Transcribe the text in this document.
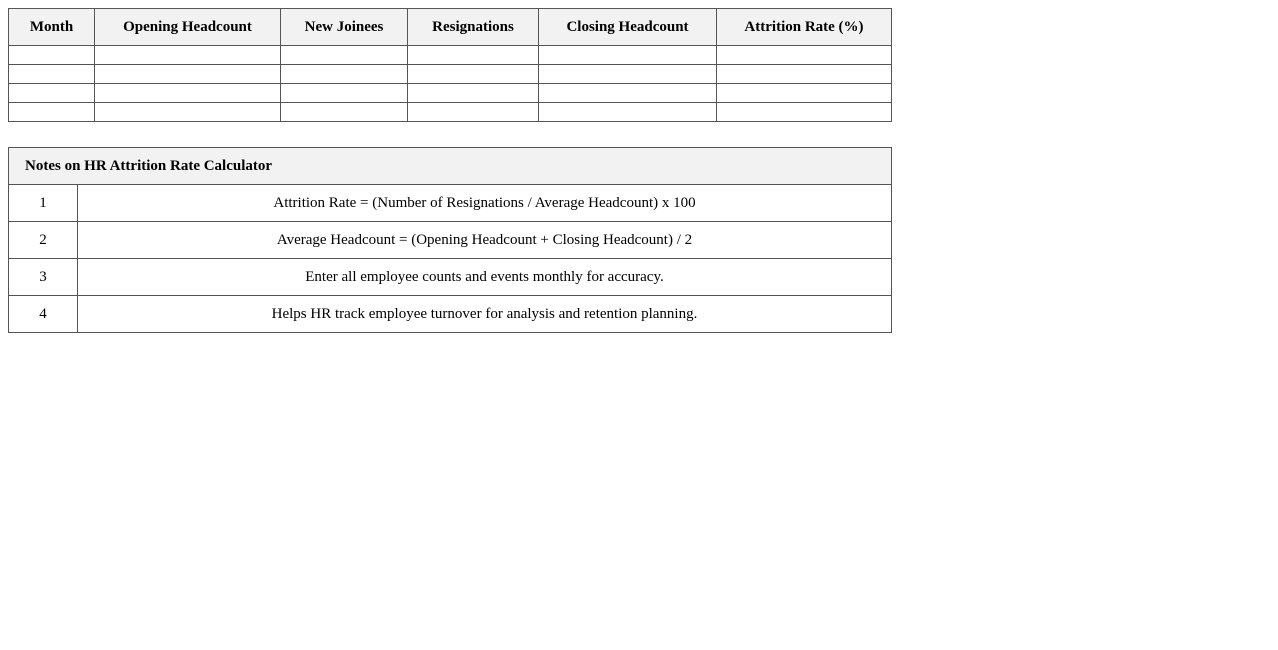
Month	Opening Headcount	New Joinees	Resignations	Closing Headcount	Attrition Rate (%)

Notes on HR Attrition Rate Calculator	
1	Attrition Rate = (Number of Resignations / Average Headcount) x 100
2	Average Headcount = (Opening Headcount + Closing Headcount) / 2
3	Enter all employee counts and events monthly for accuracy.
4	Helps HR track employee turnover for analysis and retention planning.
